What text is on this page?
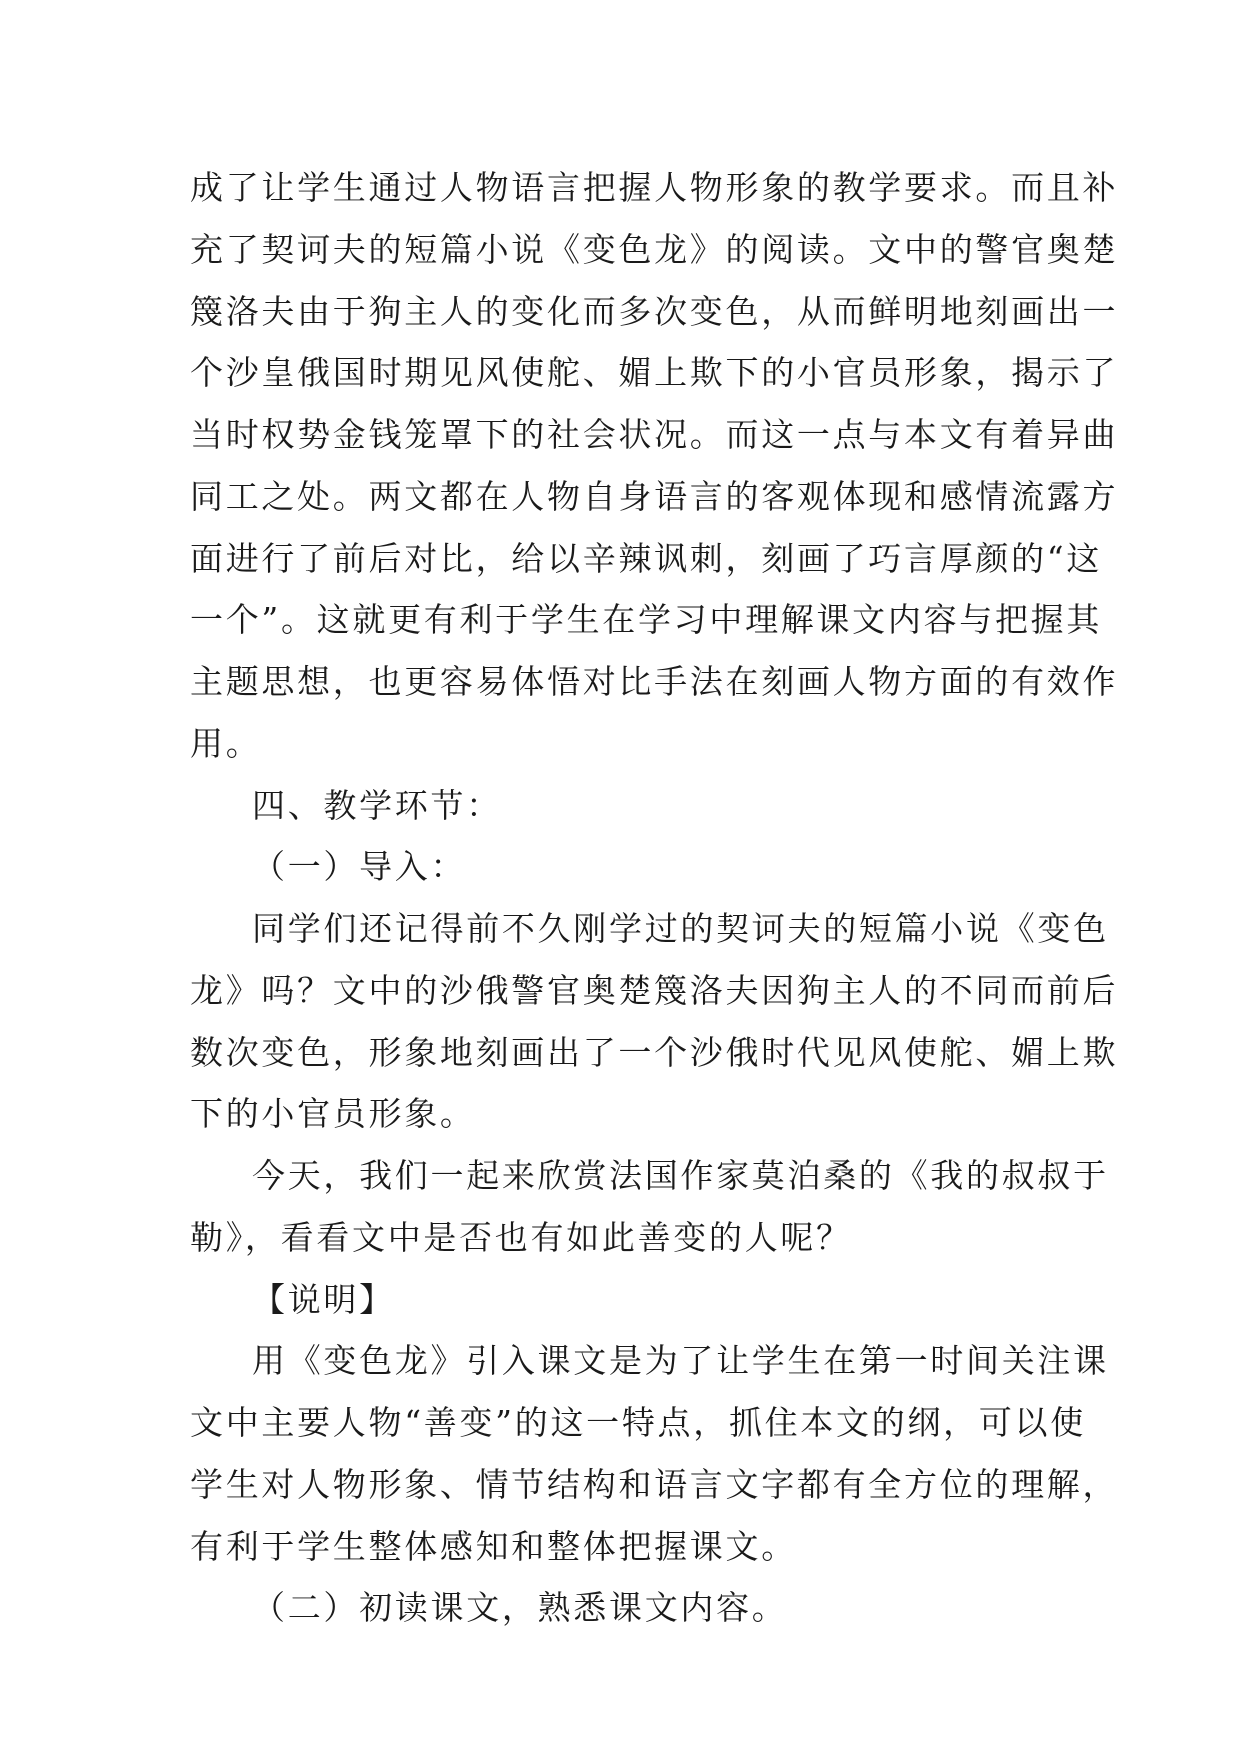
成了让学生通过人物语言把握人物形象的教学要求。而且补
充了契诃夫的短篇小说《变色龙》的阅读。文中的警官奥楚
篾洛夫由于狗主人的变化而多次变色，从而鲜明地刻画出一
个沙皇俄国时期见风使舵、媚上欺下的小官员形象，揭示了
当时权势金钱笼罩下的社会状况。而这一点与本文有着异曲
同工之处。两文都在人物自身语言的客观体现和感情流露方
面进行了前后对比，给以辛辣讽刺，刻画了巧言厚颜的“这
一个”。这就更有利于学生在学习中理解课文内容与把握其
主题思想，也更容易体悟对比手法在刻画人物方面的有效作
用。
四、教学环节：
（一）导入：
同学们还记得前不久刚学过的契诃夫的短篇小说《变色
龙》吗？文中的沙俄警官奥楚篾洛夫因狗主人的不同而前后
数次变色，形象地刻画出了一个沙俄时代见风使舵、媚上欺
下的小官员形象。
今天，我们一起来欣赏法国作家莫泊桑的《我的叔叔于
勒》，看看文中是否也有如此善变的人呢？
【说明】
用《变色龙》引入课文是为了让学生在第一时间关注课
文中主要人物“善变”的这一特点，抓住本文的纲，可以使
学生对人物形象、情节结构和语言文字都有全方位的理解，
有利于学生整体感知和整体把握课文。
（二）初读课文，熟悉课文内容。
